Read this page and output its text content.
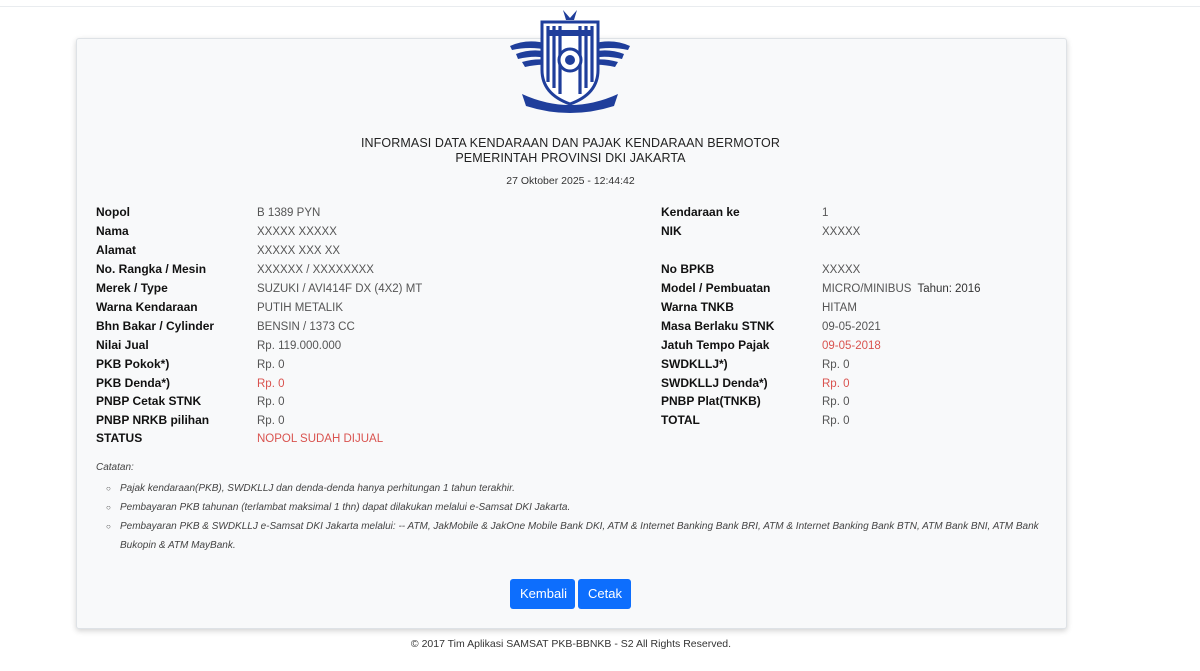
INFORMASI DATA KENDARAAN DAN PAJAK KENDARAAN BERMOTOR
PEMERINTAH PROVINSI DKI JAKARTA
27 Oktober 2025 - 12:44:42
Nopol	B 1389 PYN
Nama	XXXXX XXXXX
Alamat	XXXXX XXX XX
No. Rangka / Mesin	XXXXXX / XXXXXXXX
Merek / Type	SUZUKI / AVI414F DX (4X2) MT
Warna Kendaraan	PUTIH METALIK
Bhn Bakar / Cylinder	BENSIN / 1373 CC
Nilai Jual	Rp. 119.000.000
PKB Pokok*)	Rp. 0
PKB Denda*)	Rp. 0
PNBP Cetak STNK	Rp. 0
PNBP NRKB pilihan	Rp. 0
STATUS	NOPOL SUDAH DIJUAL
Kendaraan ke	1
NIK	XXXXX
No BPKB	XXXXX
Model / Pembuatan	MICRO/MINIBUS Tahun: 2016
Warna TNKB	HITAM
Masa Berlaku STNK	09-05-2021
Jatuh Tempo Pajak	09-05-2018
SWDKLLJ*)	Rp. 0
SWDKLLJ Denda*)	Rp. 0
PNBP Plat(TNKB)	Rp. 0
TOTAL	Rp. 0
Catatan:
○ Pajak kendaraan(PKB), SWDKLLJ dan denda-denda hanya perhitungan 1 tahun terakhir.
○ Pembayaran PKB tahunan (terlambat maksimal 1 thn) dapat dilakukan melalui e-Samsat DKI Jakarta.
○ Pembayaran PKB & SWDKLLJ e-Samsat DKI Jakarta melalui: -- ATM, JakMobile & JakOne Mobile Bank DKI, ATM & Internet Banking Bank BRI, ATM & Internet Banking Bank BTN, ATM Bank BNI, ATM Bank Bukopin & ATM MayBank.
Kembali	Cetak
© 2017 Tim Aplikasi SAMSAT PKB-BBNKB - S2 All Rights Reserved.
